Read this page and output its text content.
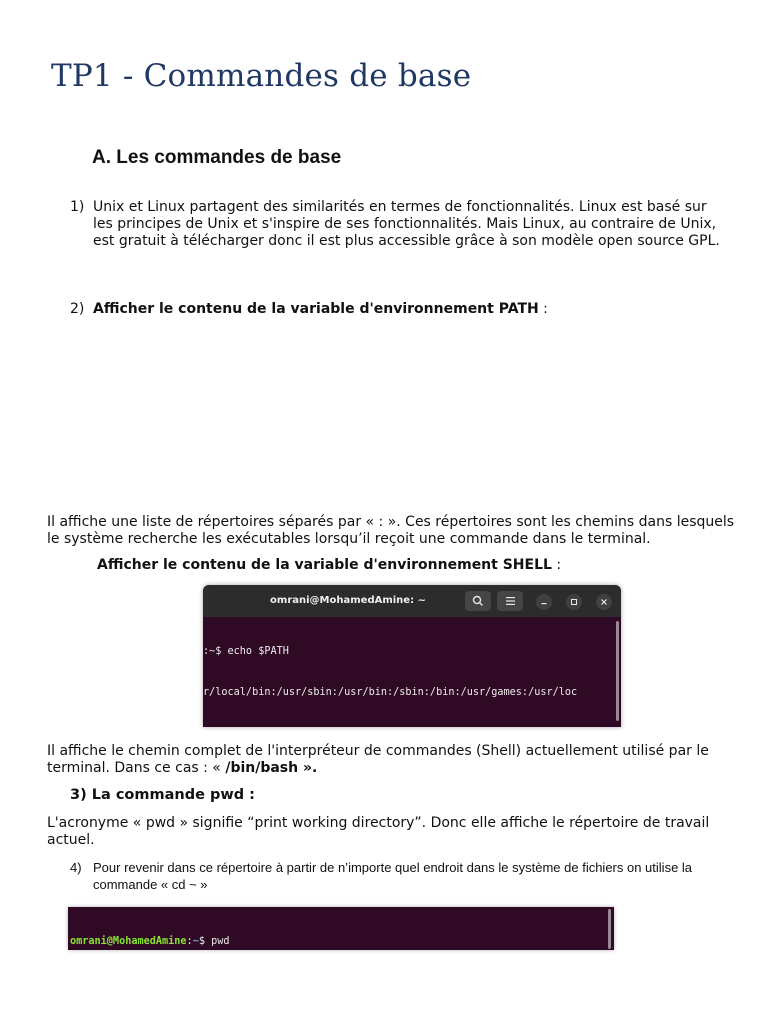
TP1 - Commandes de base
A. Les commandes de base
1) Unix et Linux partagent des similarités en termes de fonctionnalités. Linux est basé sur les principes de Unix et s'inspire de ses fonctionnalités. Mais Linux, au contraire de Unix, est gratuit à télécharger donc il est plus accessible grâce à son modèle open source GPL.
2) Afficher le contenu de la variable d'environnement PATH :
Il affiche une liste de répertoires séparés par « : ». Ces répertoires sont les chemins dans lesquels le système recherche les exécutables lorsqu’il reçoit une commande dans le terminal.
Afficher le contenu de la variable d'environnement SHELL :
omrani@MohamedAmine: ~

:~$ echo $PATH

r/local/bin:/usr/sbin:/usr/bin:/sbin:/bin:/usr/games:/usr/loc

Il affiche le chemin complet de l'interpréteur de commandes (Shell) actuellement utilisé par le terminal. Dans ce cas : « /bin/bash ».
3) La commande pwd :
L'acronyme « pwd » signifie “print working directory”. Donc elle affiche le répertoire de travail actuel.
4) Pour revenir dans ce répertoire à partir de n’importe quel endroit dans le système de fichiers on utilise la commande « cd ~ »

omrani@MohamedAmine:~$ pwd
